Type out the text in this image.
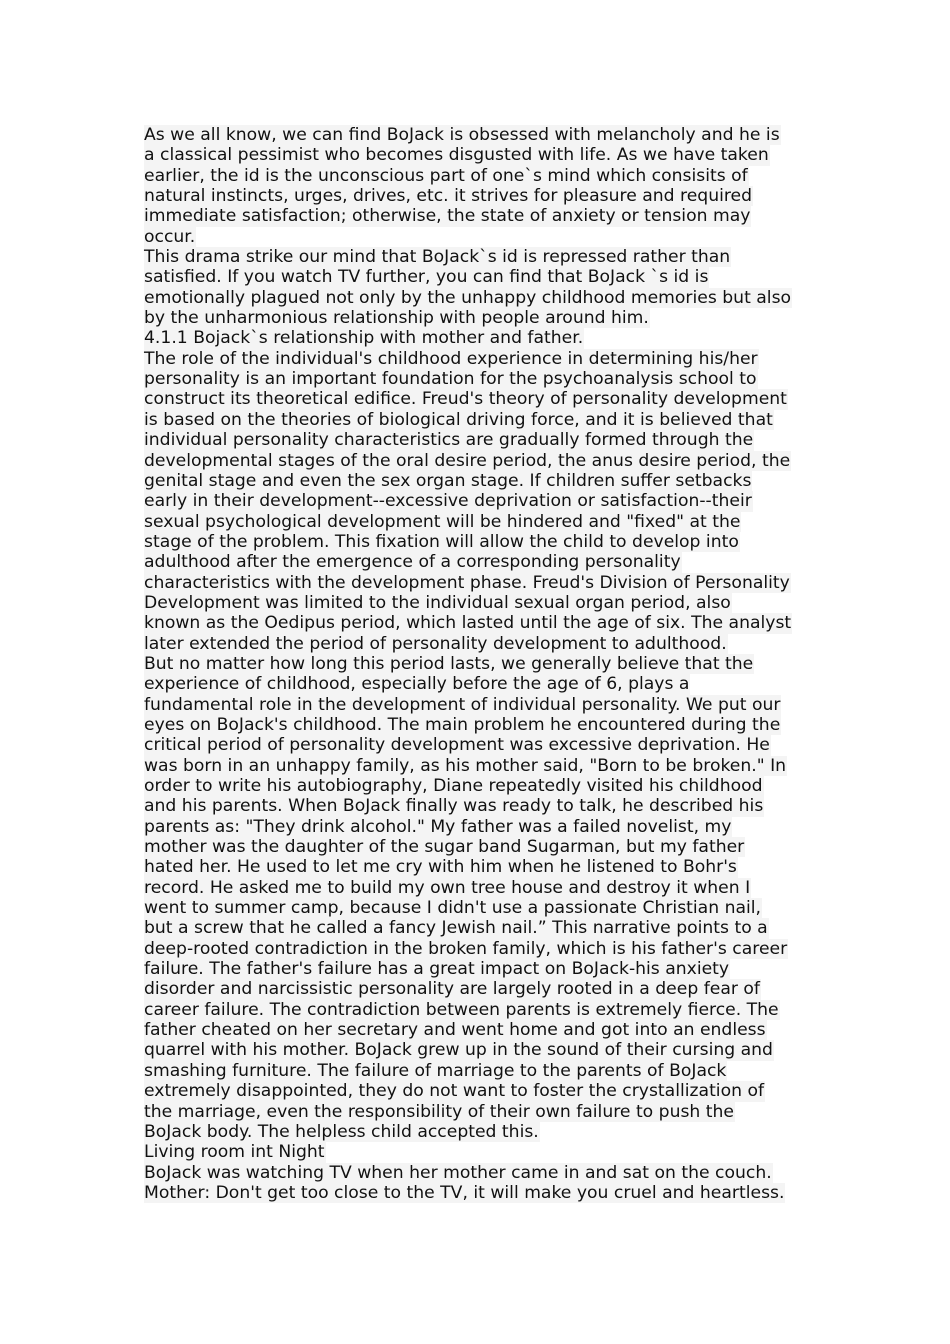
As we all know, we can find BoJack is obsessed with melancholy and he is
a classical pessimist who becomes disgusted with life. As we have taken
earlier, the id is the unconscious part of one`s mind which consisits of
natural instincts, urges, drives, etc. it strives for pleasure and required
immediate satisfaction; otherwise, the state of anxiety or tension may
occur.
This drama strike our mind that BoJack`s id is repressed rather than
satisfied. If you watch TV further, you can find that BoJack `s id is
emotionally plagued not only by the unhappy childhood memories but also
by the unharmonious relationship with people around him.
4.1.1 Bojack`s relationship with mother and father.
The role of the individual's childhood experience in determining his/her
personality is an important foundation for the psychoanalysis school to
construct its theoretical edifice. Freud's theory of personality development
is based on the theories of biological driving force, and it is believed that
individual personality characteristics are gradually formed through the
developmental stages of the oral desire period, the anus desire period, the
genital stage and even the sex organ stage. If children suffer setbacks
early in their development--excessive deprivation or satisfaction--their
sexual psychological development will be hindered and "fixed" at the
stage of the problem. This fixation will allow the child to develop into
adulthood after the emergence of a corresponding personality
characteristics with the development phase. Freud's Division of Personality
Development was limited to the individual sexual organ period, also
known as the Oedipus period, which lasted until the age of six. The analyst
later extended the period of personality development to adulthood.
But no matter how long this period lasts, we generally believe that the
experience of childhood, especially before the age of 6, plays a
fundamental role in the development of individual personality. We put our
eyes on BoJack's childhood. The main problem he encountered during the
critical period of personality development was excessive deprivation. He
was born in an unhappy family, as his mother said, "Born to be broken." In
order to write his autobiography, Diane repeatedly visited his childhood
and his parents. When BoJack finally was ready to talk, he described his
parents as: "They drink alcohol." My father was a failed novelist, my
mother was the daughter of the sugar band Sugarman, but my father
hated her. He used to let me cry with him when he listened to Bohr's
record. He asked me to build my own tree house and destroy it when I
went to summer camp, because I didn't use a passionate Christian nail,
but a screw that he called a fancy Jewish nail.” This narrative points to a
deep-rooted contradiction in the broken family, which is his father's career
failure. The father's failure has a great impact on BoJack-his anxiety
disorder and narcissistic personality are largely rooted in a deep fear of
career failure. The contradiction between parents is extremely fierce. The
father cheated on her secretary and went home and got into an endless
quarrel with his mother. BoJack grew up in the sound of their cursing and
smashing furniture. The failure of marriage to the parents of BoJack
extremely disappointed, they do not want to foster the crystallization of
the marriage, even the responsibility of their own failure to push the
BoJack body. The helpless child accepted this.
Living room int Night
BoJack was watching TV when her mother came in and sat on the couch.
Mother: Don't get too close to the TV, it will make you cruel and heartless.
